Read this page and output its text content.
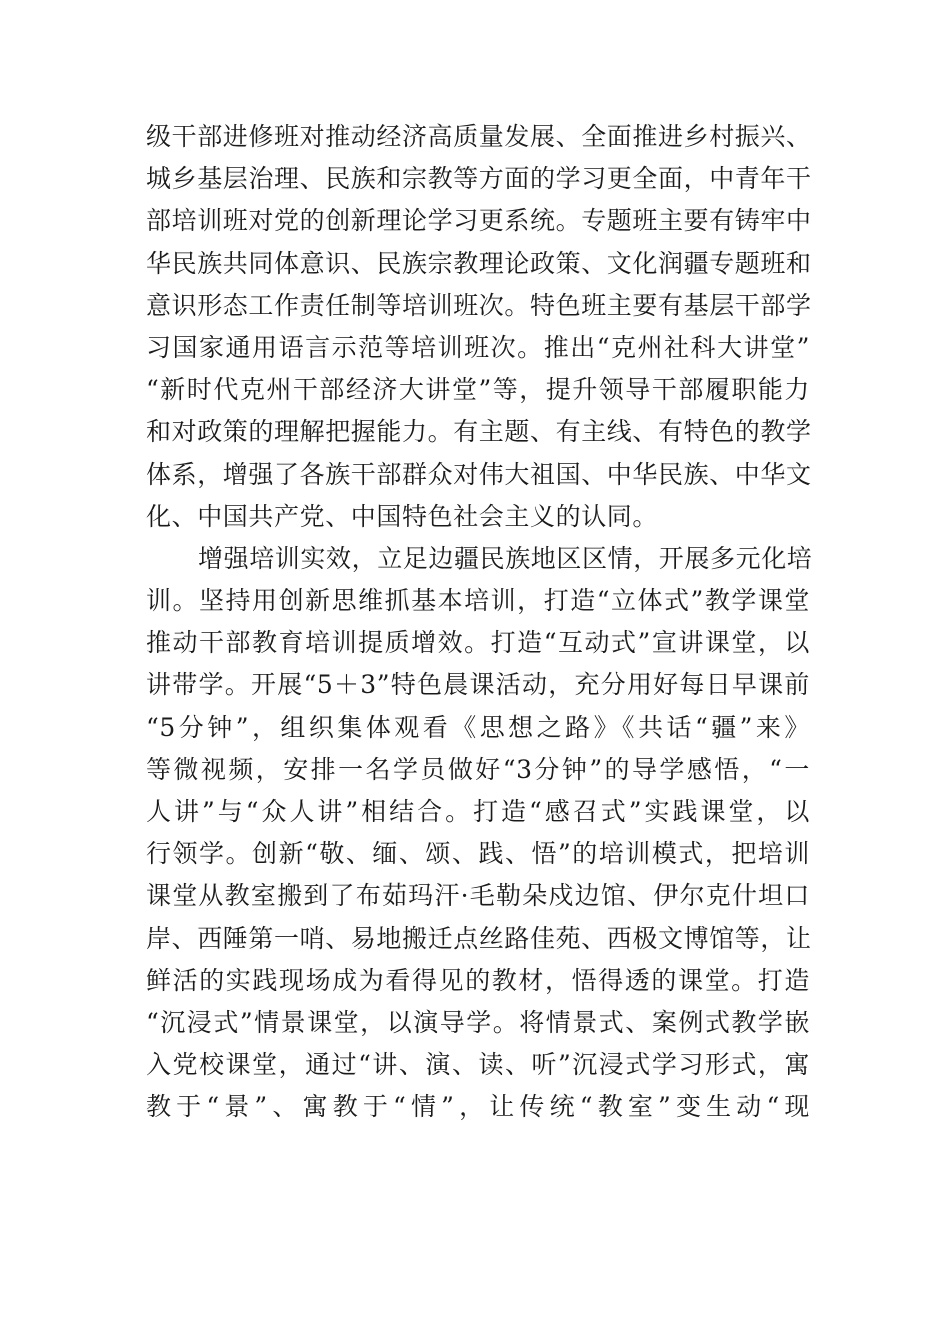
级干部进修班对推动经济高质量发展、全面推进乡村振兴、
城乡基层治理、民族和宗教等方面的学习更全面，中青年干
部培训班对党的创新理论学习更系统。专题班主要有铸牢中
华民族共同体意识、民族宗教理论政策、文化润疆专题班和
意识形态工作责任制等培训班次。特色班主要有基层干部学
习国家通用语言示范等培训班次。推出“克州社科大讲堂”
“新时代克州干部经济大讲堂”等，提升领导干部履职能力
和对政策的理解把握能力。有主题、有主线、有特色的教学
体系，增强了各族干部群众对伟大祖国、中华民族、中华文
化、中国共产党、中国特色社会主义的认同。
增强培训实效，立足边疆民族地区区情，开展多元化培
训。坚持用创新思维抓基本培训，打造“立体式”教学课堂
推动干部教育培训提质增效。打造“互动式”宣讲课堂，以
讲带学。开展“5＋3”特色晨课活动，充分用好每日早课前
“5分钟”，组织集体观看《思想之路》《共话“疆”来》
等微视频，安排一名学员做好“3分钟”的导学感悟，“一
人讲”与“众人讲”相结合。打造“感召式”实践课堂，以
行领学。创新“敬、缅、颂、践、悟”的培训模式，把培训
课堂从教室搬到了布茹玛汗·毛勒朵戍边馆、伊尔克什坦口
岸、西陲第一哨、易地搬迁点丝路佳苑、西极文博馆等，让
鲜活的实践现场成为看得见的教材，悟得透的课堂。打造
“沉浸式”情景课堂，以演导学。将情景式、案例式教学嵌
入党校课堂，通过“讲、演、读、听”沉浸式学习形式，寓
教于“景”、寓教于“情”，让传统“教室”变生动“现
